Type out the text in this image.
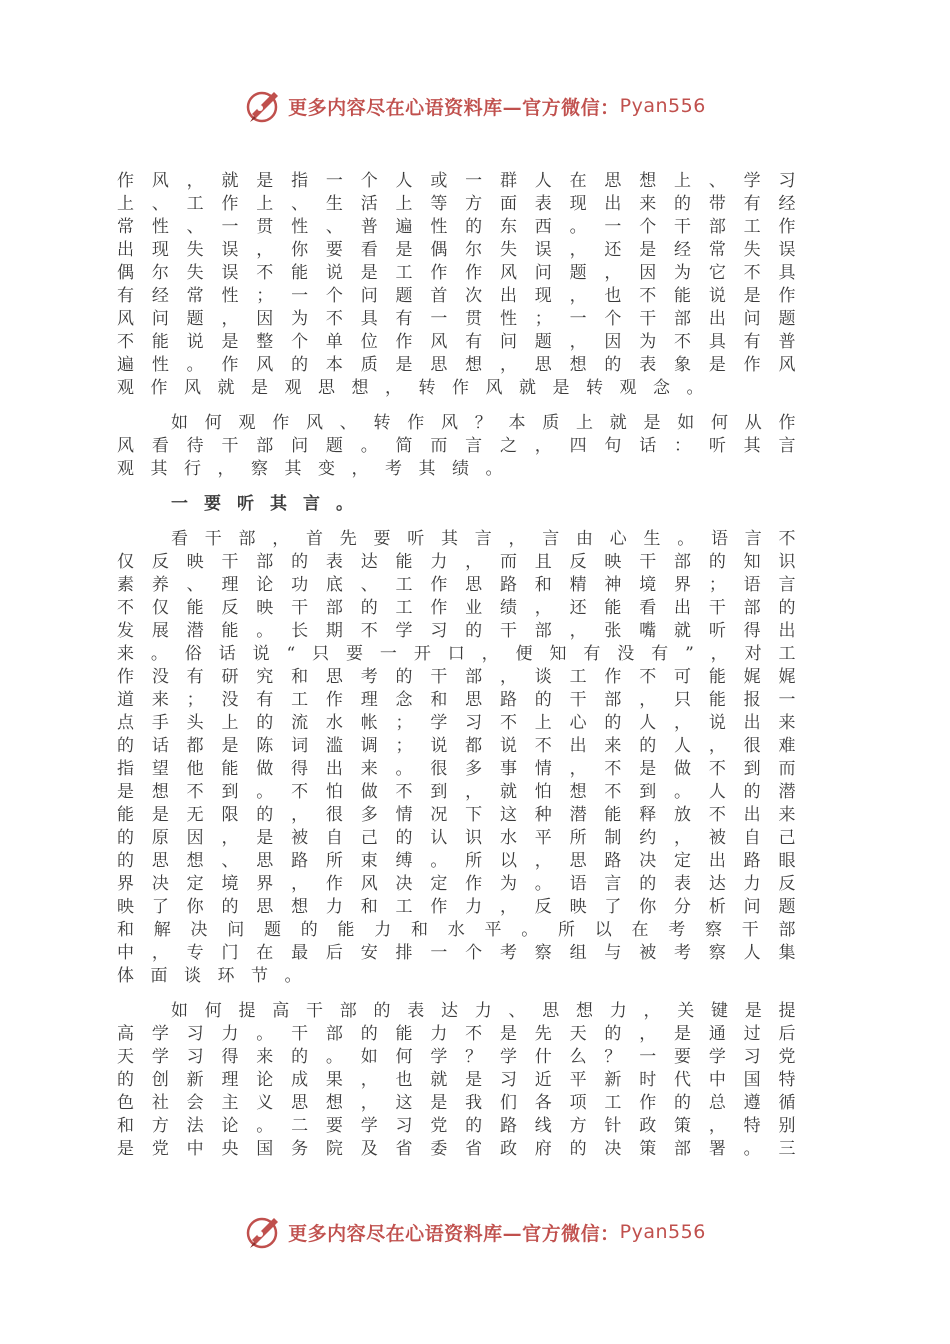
更多内容尽在心语资料库—官方微信： Pyan556

作风，就是指一个人或一群人在思想上、学习上、工作上、生活上等方面表现出来的带有经常性、一贯性、普遍性的东西。一个干部工作出现失误，你要看是偶尔失误，还是经常失误偶尔失误不能说是工作作风问题，因为它不具有经常性；一个问题首次出现，也不能说是作风问题，因为不具有一贯性；一个干部出问题不能说是整个单位作风有问题，因为不具有普遍性。作风的本质是思想，思想的表象是作风观作风就是观思想，转作风就是转观念。

如何观作风、转作风？本质上就是如何从作风看待干部问题。简而言之，四句话：听其言观其行，察其变，考其绩。

一要听其言。

看干部，首先要听其言，言由心生。语言不仅反映干部的表达能力，而且反映干部的知识素养、理论功底、工作思路和精神境界；语言不仅能反映干部的工作业绩，还能看出干部的发展潜能。长期不学习的干部，张嘴就听得出来。俗话说“只要一开口，便知有没有”，对工作没有研究和思考的干部，谈工作不可能娓娓道来；没有工作理念和思路的干部，只能报一点手头上的流水帐；学习不上心的人，说出来的话都是陈词滥调；说都说不出来的人，很难指望他能做得出来。很多事情，不是做不到而是想不到。不怕做不到，就怕想不到。人的潜能是无限的，很多情况下这种潜能释放不出来的原因，是被自己的认识水平所制约，被自己的思想、思路所束缚。所以，思路决定出路眼界决定境界，作风决定作为。语言的表达力反映了你的思想力和工作力，反映了你分析问题和解决问题的能力和水平。所以在考察干部中，专门在最后安排一个考察组与被考察人集体面谈环节。

如何提高干部的表达力、思想力，关键是提高学习力。干部的能力不是先天的，是通过后天学习得来的。如何学？学什么？一要学习党的创新理论成果，也就是习近平新时代中国特色社会主义思想，这是我们各项工作的总遵循和方法论。二要学习党的路线方针政策，特别是党中央国务院及省委省政府的决策部署。三

更多内容尽在心语资料库—官方微信： Pyan556
